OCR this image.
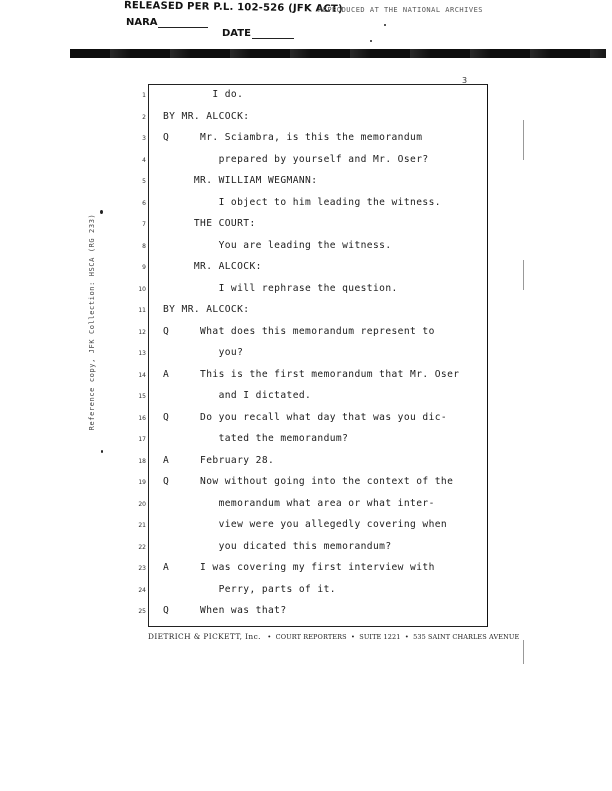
RELEASED PER P.L. 102-526 (JFK ACT)
NARA
DATE
REPRODUCED AT THE NATIONAL ARCHIVES
3
Reference copy, JFK Collection: HSCA (RG 233)
1 I do.
2 BY MR. ALCOCK:
3 Q     Mr. Sciambra, is this the memorandum
4 prepared by yourself and Mr. Oser?
5 MR. WILLIAM WEGMANN:
6 I object to him leading the witness.
7 THE COURT:
8 You are leading the witness.
9 MR. ALCOCK:
10 I will rephrase the question.
11 BY MR. ALCOCK:
12 Q     What does this memorandum represent to
13 you?
14 A     This is the first memorandum that Mr. Oser
15 and I dictated.
16 Q     Do you recall what day that was you dic-
17 tated the memorandum?
18 A     February 28.
19 Q     Now without going into the context of the
20 memorandum what area or what inter-
21 view were you allegedly covering when
22 you dicated this memorandum?
23 A     I was covering my first interview with
24 Perry, parts of it.
25 Q     When was that?
DIETRICH & PICKETT, Inc. • COURT REPORTERS • SUITE 1221 • 535 SAINT CHARLES AVENUE
